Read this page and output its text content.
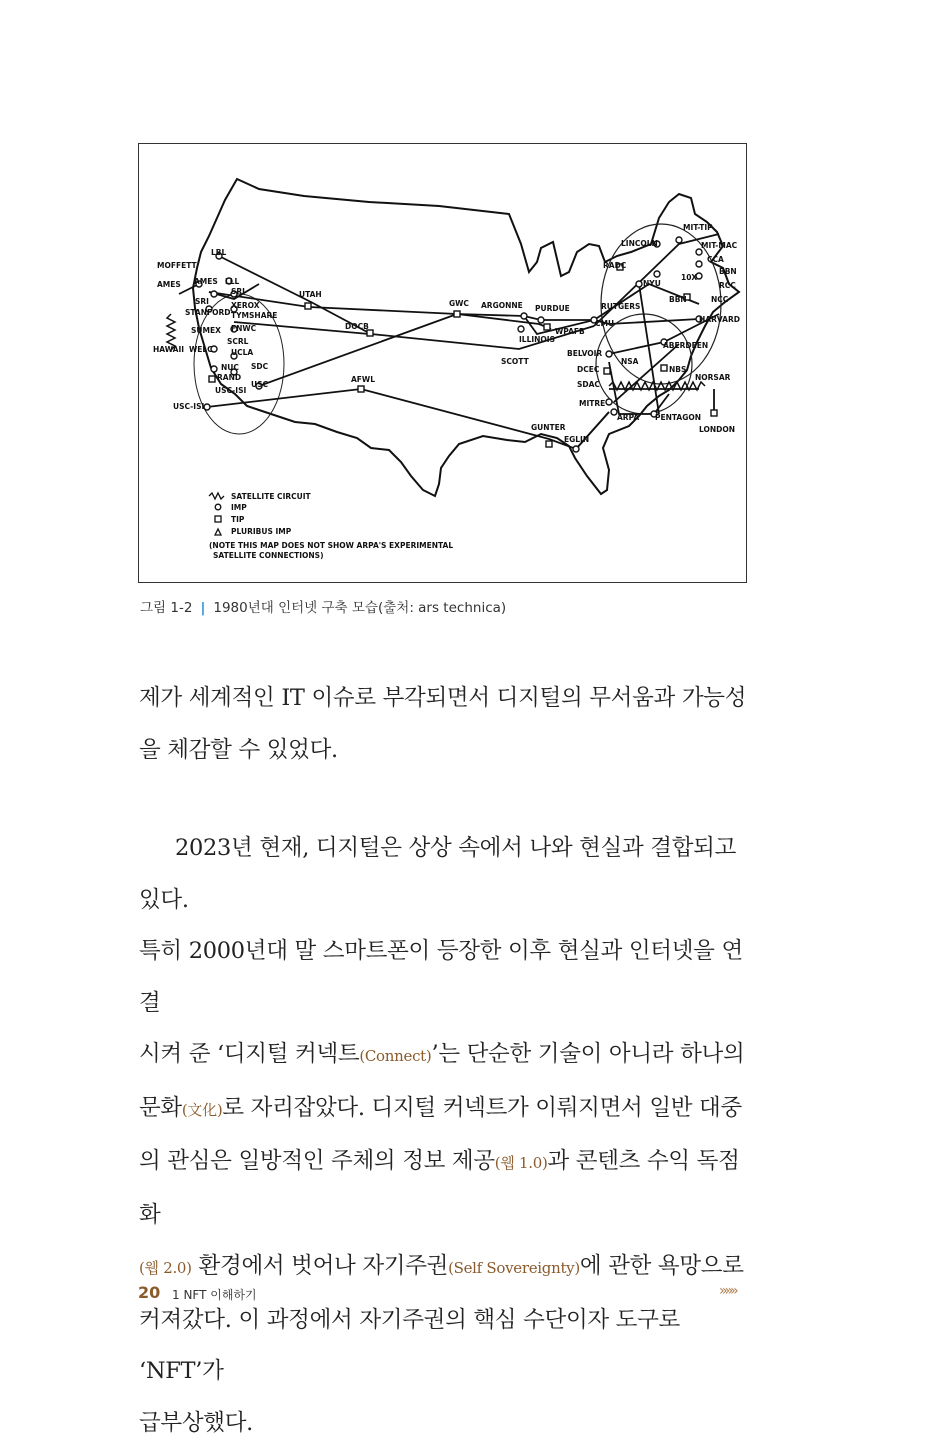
MOFFETT
LBL
AMES AMES LLL
SRI
SRI
XEROX
STANFORD TYMSHARE
SUMEX FNWC
HAWAII
SCRL
WELC UCLA
NUC SDC
RAND
USC
USC-ISI
USC-ISI
UTAH
DOCB
AFWL
GWC ARGONNE PURDUE
WPAFB
ILLINOIS
SCOTT
GUNTER
EGLIN
RADC
LINCOLN
MIT-TIP
MIT-MAC
CCA
BBN
10X
RCC
BBN	NCC
NYU
RUTGERS
CMU	HARVARD
BELVOIR
NSA
ABERDEEN
DCEC	NBS
SDAC
NORSAR
MITRE
ARPA PENTAGON
LONDON
SATELLITE CIRCUIT
IMP
TIP
PLURIBUS IMP
(NOTE THIS MAP DOES NOT SHOW ARPA'S EXPERIMENTAL
SATELLITE CONNECTIONS)
그림 1-2 | 1980년대 인터넷 구축 모습(출처: ars technica)
제가 세계적인 IT 이슈로 부각되면서 디지털의 무서움과 가능성
을 체감할 수 있었다.
2023년 현재, 디지털은 상상 속에서 나와 현실과 결합되고 있다.
특히 2000년대 말 스마트폰이 등장한 이후 현실과 인터넷을 연결
시켜 준 ‘디지털 커넥트(Connect)’는 단순한 기술이 아니라 하나의
문화(文化)로 자리잡았다. 디지털 커넥트가 이뤄지면서 일반 대중
의 관심은 일방적인 주체의 정보 제공(웹 1.0)과 콘텐츠 수익 독점화
(웹 2.0) 환경에서 벗어나 자기주권(Self Sovereignty)에 관한 욕망으로
커져갔다. 이 과정에서 자기주권의 핵심 수단이자 도구로 ‘NFT’가
급부상했다.
20 1 NFT 이해하기	»»»
